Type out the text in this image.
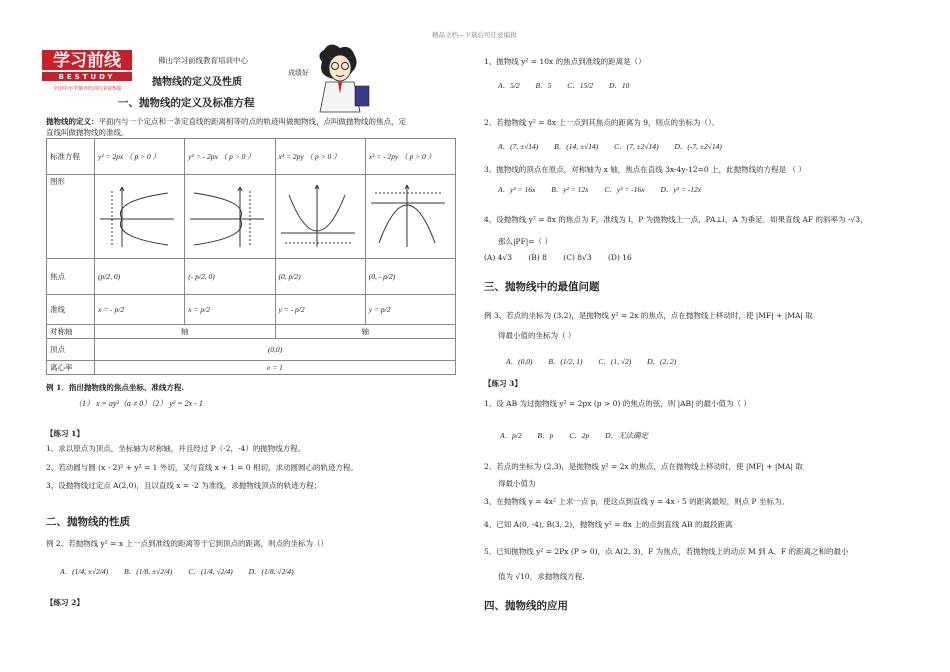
精品文档---下载后可任意编辑
学习前线
BESTUDY
全国中小学课外培训行业前5强
佛山学习前线教育培训中心
抛物线的定义及性质
成绩好
一、抛物线的定义及标准方程
抛物线的定义：平面内与一个定点和一条定直线的距离相等的点的轨迹叫做抛物线，点叫做抛物线的焦点，定
直线叫做抛物线的准线。
标准方程	y² = 2px （ p > 0 ）	y² = - 2px （ p > 0 ）	x² = 2py （ p > 0 ）	x² = - 2py （ p > 0 ）
图形				
焦点	(p/2, 0)	(- p/2, 0)	(0, p/2)	(0, - p/2)
准线	x = - p/2	x = p/2	y = - p/2	y = p/2
对称轴	轴		轴	
顶点	(0,0)			
离心率	e = 1			
例 1．指出抛物线的焦点坐标、准线方程.
（1） x = ay²（a ≠ 0）（2） y² = 2x - 1
【练习 1】
1、求以原点为顶点，坐标轴为对称轴，并且经过 P（-2，-4）的抛物线方程。
2、若动圆与圆 (x - 2)² + y² = 1 外切，又与直线 x + 1 = 0 相切，求动圆圆心的轨迹方程。
3、设抛物线过定点 A(2,0)，且以直线 x = -2 为准线，求抛物线顶点的轨迹方程；
二、抛物线的性质
例 2、若抛物线 y² = x 上一点到准线的距离等于它到顶点的距离，则点的坐标为（）
A．(1/4, ±√2/4) B．(1/8, ±√2/4) C．(1/4, √2/4) D．(1/8, √2/4)
【练习 2】
1、抛物线 y² = 10x 的焦点到准线的距离是（）
A．5/2 B．5 C．15/2 D．10
2、若抛物线 y² = 8x 上一点到其焦点的距离为 9，则点的坐标为（）。
A．(7, ±√14) B．(14, ±√14) C．(7, ±2√14) D．(-7, ±2√14)
3、抛物线的顶点在原点，对称轴为 x 轴，焦点在直线 3x-4y-12=0 上，此抛物线的方程是 （ ）
A．y² = 16x B．y² = 12x C．y² = -16x D．y² = -12x
4、设抛物线 y² = 8x 的焦点为 F，准线为 l，P 为抛物线上一点，PA⊥l，A 为垂足．如果直线 AF 的斜率为 -√3，
那么|PF|=（ ）
(A) 4√3 (B) 8 (C) 8√3 (D) 16
三、抛物线中的最值问题
例 3、若点的坐标为 (3,2)，是抛物线 y² = 2x 的焦点，点在抛物线上移动时，使 |MF| + |MA| 取
得最小值的坐标为（ ）
A．(0,0) B．(1/2, 1) C．(1, √2) D．(2, 2)
【练习 3】
1、设 AB 为过抛物线 y² = 2px (p > 0) 的焦点的弦，则 |AB| 的最小值为（ ）
A．p/2 B．p C．2p D．无法确定
2、若点的坐标为 (2,3)，是抛物线 y² = 2x 的焦点，点在抛物线上移动时，使 |MF| + |MA| 取
得最小值为
3、在抛物线 y = 4x² 上求一点 p，使这点到直线 y = 4x - 5 的距离最短，则点 P 坐标为。
4、已知 A(0, -4), B(3, 2)，抛物线 y² = 8x 上的点到直线 AB 的最段距离
5、已知抛物线 y² = 2Px (P > 0)，点 A(2, 3)，F 为焦点，若抛物线上的动点 M 到 A、F 的距离之和的最小
值为 √10，求抛物线方程.
四、抛物线的应用
